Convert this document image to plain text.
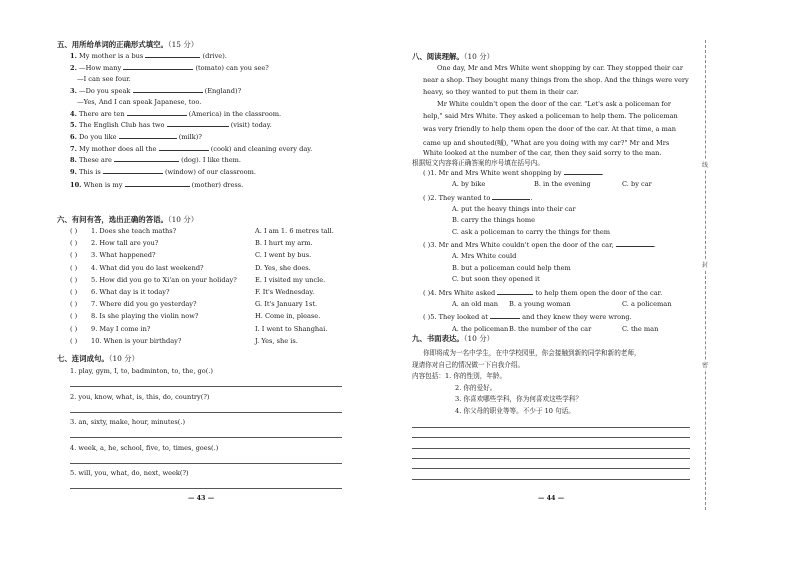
五、用所给单词的正确形式填空。（15 分）
1. My mother is a bus	(drive).
2. —How many	(tomato) can you see?
—I can see four.
3. —Do you speak	(England)?
—Yes, And I can speak Japanese, too.
4. There are ten	(America) in the classroom.
5. The English Club has two	(visit) today.
6. Do you like	(milk)?
7. My mother does all the	(cook) and cleaning every day.
8. These are	(dog). I like them.
9. This is	(window) of our classroom.
10. When is my	(mother) dress.
六、有问有答，选出正确的答语。（10 分）
( ) 1. Does she teach maths?	A. I am 1. 6 metres tall.
( ) 2. How tall are you?	B. I hurt my arm.
( ) 3. What happened?	C. I went by bus.
( ) 4. What did you do last weekend?	D. Yes, she does.
( ) 5. How did you go to Xi'an on your holiday?	E. I visited my uncle.
( ) 6. What day is it today?	F. It's Wednesday.
( ) 7. Where did you go yesterday?	G. It's January 1st.
( ) 8. Is she playing the violin now?	H. Come in, please.
( ) 9. May I come in?	I. I went to Shanghai.
( ) 10. When is your birthday?	J. Yes, she is.
七、连词成句。（10 分）
1. play, gym, I, to, badminton, to, the, go(.)
2. you, know, what, is, this, do, country(?)
3. an, sixty, make, hour, minutes(.)
4. week, a, he, school, five, to, times, goes(.)
5. will, you, what, do, next, week(?)
— 43 —
八、阅读理解。（10 分）
One day, Mr and Mrs White went shopping by car. They stopped their car
near a shop. They bought many things from the shop. And the things were very
heavy, so they wanted to put them in their car.
Mr White couldn't open the door of the car. "Let's ask a policeman for
help," said Mrs White. They asked a policeman to help them. The policeman
was very friendly to help them open the door of the car. At that time, a man
came up and shouted(喊), "What are you doing with my car?" Mr and Mrs
White looked at the number of the car, then they said sorry to the man.
根据短文内容将正确答案的序号填在括号内。
( )1. Mr and Mrs White went shopping by	.
A. by bike	B. in the evening	C. by car
( )2. They wanted to	.
A. put the heavy things into their car
B. carry the things home
C. ask a policeman to carry the things for them
( )3. Mr and Mrs White couldn't open the door of the car,	.
A. Mrs White could
B. but a policeman could help them
C. but soon they opened it
( )4. Mrs White asked	to help them open the door of the car.
A. an old man B. a young woman	C. a policeman
( )5. They looked at	and they knew they were wrong.
A. the policeman B. the number of the car	C. the man
九、书面表达。（10 分）
你即将成为一名中学生，在中学校园里，你会接触到新的同学和新的老师，
现请你对自己的情况做一下自我介绍。
内容包括：1. 你的性别，年龄。
2. 你的爱好。
3. 你喜欢哪些学科，你为何喜欢这些学科？
4. 你父母的职业等等。不少于 10 句话。
— 44 —
线
封
密
